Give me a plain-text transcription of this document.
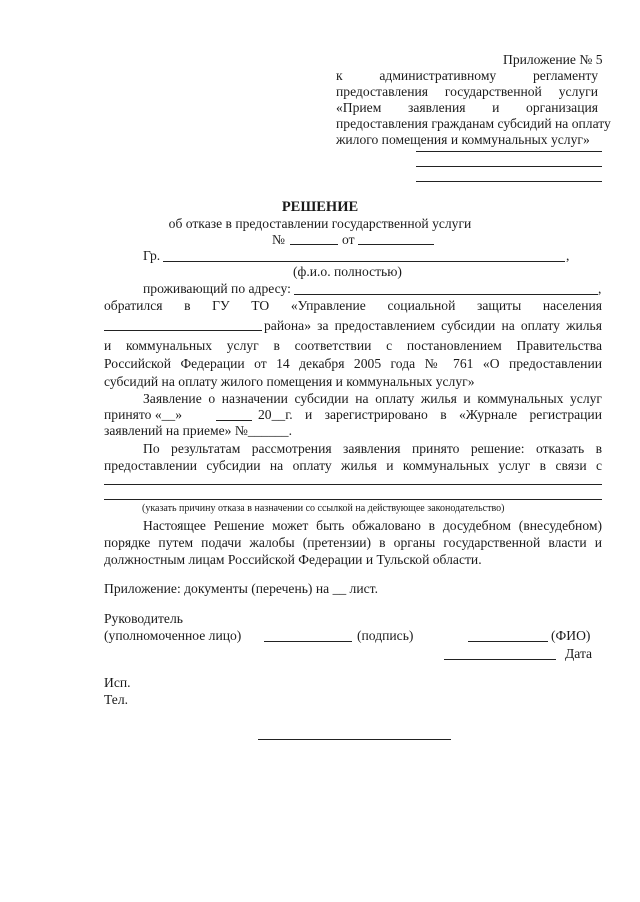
Приложение № 5
к административному регламенту
предоставления государственной услуги
«Прием заявления и организация
предоставления гражданам субсидий на оплату
жилого помещения и коммунальных услуг»
РЕШЕНИЕ
об отказе в предоставлении государственной услуги
№	от
Гр.	,
(ф.и.о. полностью)
проживающий по адресу:	,
обратился в ГУ ТО «Управление социальной защиты населения
района» за предоставлением субсидии на оплату жилья
и коммунальных услуг в соответствии с постановлением Правительства
Российской Федерации от 14 декабря 2005 года № 761 «О предоставлении
субсидий на оплату жилого помещения и коммунальных услуг»
Заявление о назначении субсидии на оплату жилья и коммунальных услуг
принято «__»	20__г. и зарегистрировано в «Журнале регистрации
заявлений на приеме» №______.
По результатам рассмотрения заявления принято решение: отказать в
предоставлении субсидии на оплату жилья и коммунальных услуг в связи с
(указать причину отказа в назначении со ссылкой на действующее законодательство)
Настоящее Решение может быть обжаловано в досудебном (внесудебном)
порядке путем подачи жалобы (претензии) в органы государственной власти и
должностным лицам Российской Федерации и Тульской области.
Приложение: документы (перечень) на __ лист.
Руководитель
(уполномоченное лицо)	(подпись)	(ФИО)
Дата
Исп.
Тел.
